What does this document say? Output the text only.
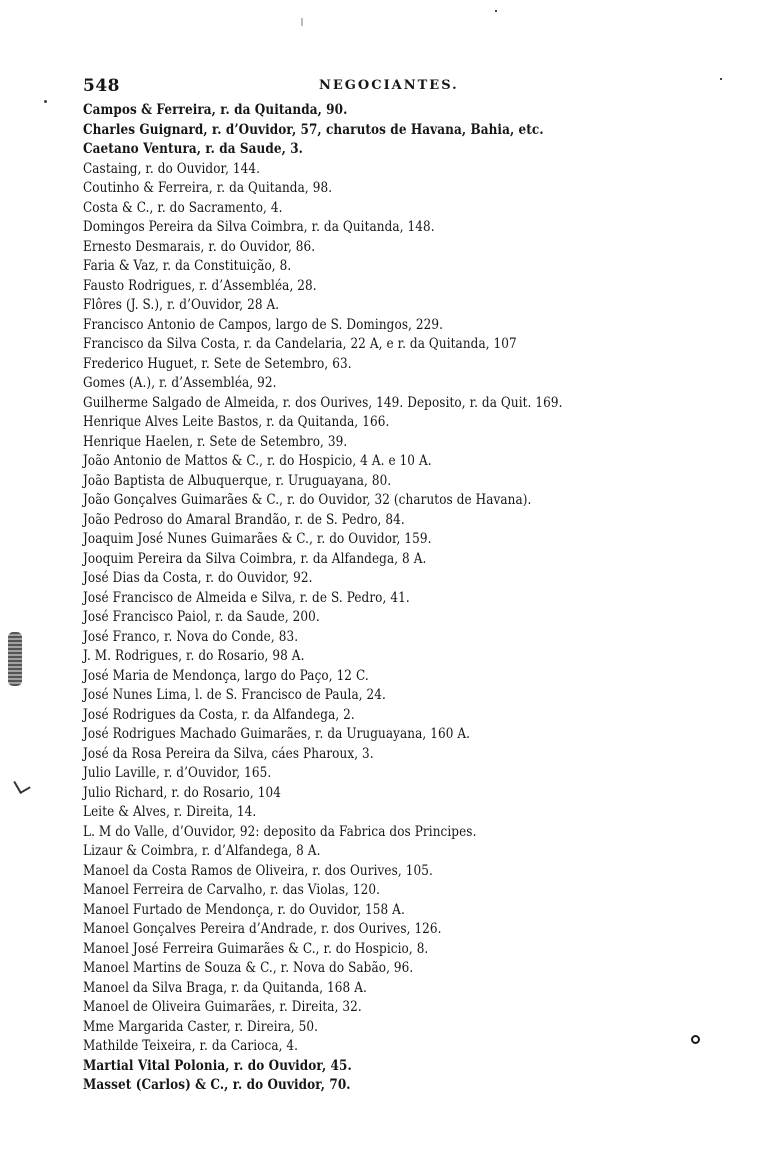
548	NEGOCIANTES.
Campos & Ferreira, r. da Quitanda, 90.
Charles Guignard, r. d’Ouvidor, 57, charutos de Havana, Bahia, etc.
Caetano Ventura, r. da Saude, 3.
Castaing, r. do Ouvidor, 144.
Coutinho & Ferreira, r. da Quitanda, 98.
Costa & C., r. do Sacramento, 4.
Domingos Pereira da Silva Coimbra, r. da Quitanda, 148.
Ernesto Desmarais, r. do Ouvidor, 86.
Faria & Vaz, r. da Constituição, 8.
Fausto Rodrigues, r. d’Assembléa, 28.
Flôres (J. S.), r. d’Ouvidor, 28 A.
Francisco Antonio de Campos, largo de S. Domingos, 229.
Francisco da Silva Costa, r. da Candelaria, 22 A, e r. da Quitanda, 107
Frederico Huguet, r. Sete de Setembro, 63.
Gomes (A.), r. d’Assembléa, 92.
Guilherme Salgado de Almeida, r. dos Ourives, 149. Deposito, r. da Quit. 169.
Henrique Alves Leite Bastos, r. da Quitanda, 166.
Henrique Haelen, r. Sete de Setembro, 39.
João Antonio de Mattos & C., r. do Hospicio, 4 A. e 10 A.
João Baptista de Albuquerque, r. Uruguayana, 80.
João Gonçalves Guimarães & C., r. do Ouvidor, 32 (charutos de Havana).
João Pedroso do Amaral Brandão, r. de S. Pedro, 84.
Joaquim José Nunes Guimarães & C., r. do Ouvidor, 159.
Jooquim Pereira da Silva Coimbra, r. da Alfandega, 8 A.
José Dias da Costa, r. do Ouvidor, 92.
José Francisco de Almeida e Silva, r. de S. Pedro, 41.
José Francisco Paiol, r. da Saude, 200.
José Franco, r. Nova do Conde, 83.
J. M. Rodrigues, r. do Rosario, 98 A.
José Maria de Mendonça, largo do Paço, 12 C.
José Nunes Lima, l. de S. Francisco de Paula, 24.
José Rodrigues da Costa, r. da Alfandega, 2.
José Rodrigues Machado Guimarães, r. da Uruguayana, 160 A.
José da Rosa Pereira da Silva, cáes Pharoux, 3.
Julio Laville, r. d’Ouvidor, 165.
Julio Richard, r. do Rosario, 104
Leite & Alves, r. Direita, 14.
L. M do Valle, d’Ouvidor, 92: deposito da Fabrica dos Principes.
Lizaur & Coimbra, r. d’Alfandega, 8 A.
Manoel da Costa Ramos de Oliveira, r. dos Ourives, 105.
Manoel Ferreira de Carvalho, r. das Violas, 120.
Manoel Furtado de Mendonça, r. do Ouvidor, 158 A.
Manoel Gonçalves Pereira d’Andrade, r. dos Ourives, 126.
Manoel José Ferreira Guimarães & C., r. do Hospicio, 8.
Manoel Martins de Souza & C., r. Nova do Sabão, 96.
Manoel da Silva Braga, r. da Quitanda, 168 A.
Manoel de Oliveira Guimarães, r. Direita, 32.
Mme Margarida Caster, r. Direira, 50.
Mathilde Teixeira, r. da Carioca, 4.
Martial Vital Polonia, r. do Ouvidor, 45.
Masset (Carlos) & C., r. do Ouvidor, 70.
